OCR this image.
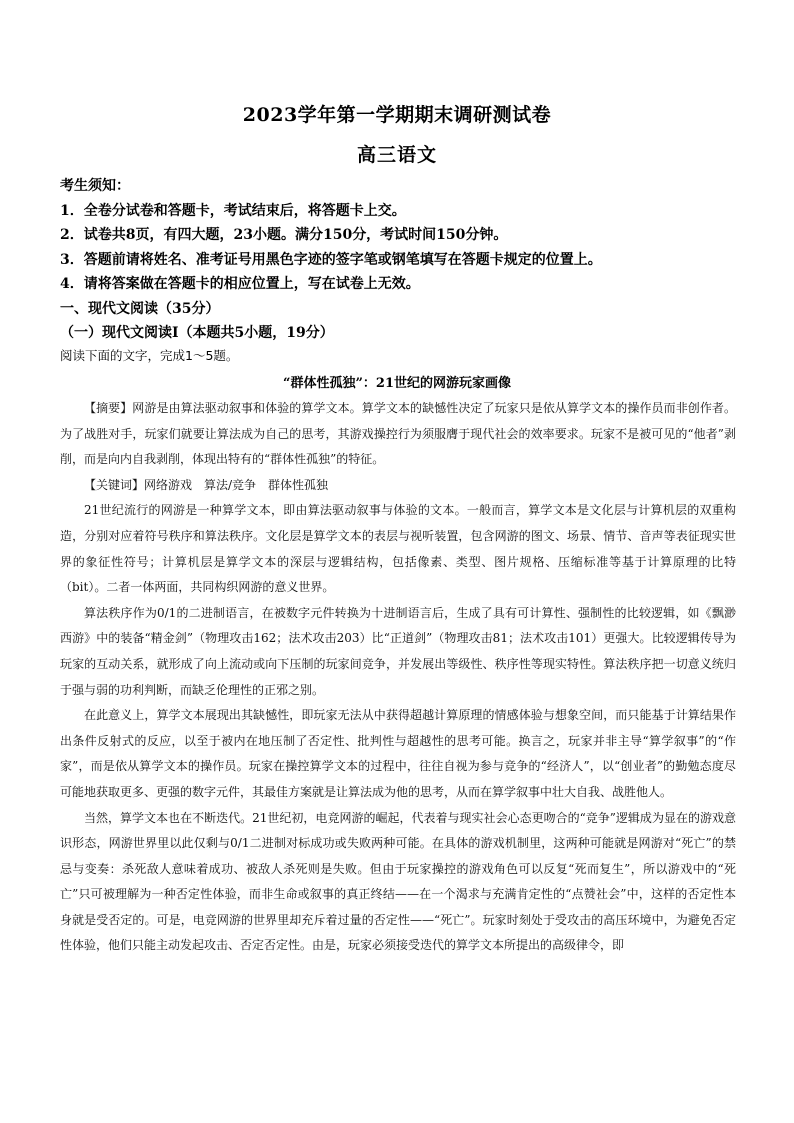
2023学年第一学期期末调研测试卷
高三语文
考生须知：
1．全卷分试卷和答题卡，考试结束后，将答题卡上交。
2．试卷共8页，有四大题，23小题。满分150分，考试时间150分钟。
3．答题前请将姓名、准考证号用黑色字迹的签字笔或钢笔填写在答题卡规定的位置上。
4．请将答案做在答题卡的相应位置上，写在试卷上无效。
一、现代文阅读（35分）
（一）现代文阅读Ⅰ（本题共5小题，19分）
阅读下面的文字，完成1～5题。
“群体性孤独”：21世纪的网游玩家画像

【摘要】网游是由算法驱动叙事和体验的算学文本。算学文本的缺憾性决定了玩家只是依从算学文本的操作员而非创作者。为了战胜对手，玩家们就要让算法成为自己的思考，其游戏操控行为须服膺于现代社会的效率要求。玩家不是被可见的“他者”剥削，而是向内自我剥削，体现出特有的“群体性孤独”的特征。

【关键词】网络游戏　算法/竞争　群体性孤独

21世纪流行的网游是一种算学文本，即由算法驱动叙事与体验的文本。一般而言，算学文本是文化层与计算机层的双重构造，分别对应着符号秩序和算法秩序。文化层是算学文本的表层与视听装置，包含网游的图文、场景、情节、音声等表征现实世界的象征性符号；计算机层是算学文本的深层与逻辑结构，包括像素、类型、图片规格、压缩标准等基于计算原理的比特（bit）。二者一体两面，共同构织网游的意义世界。

算法秩序作为0/1的二进制语言，在被数字元件转换为十进制语言后，生成了具有可计算性、强制性的比较逻辑，如《飘渺西游》中的装备“精金剑”（物理攻击162；法术攻击203）比“正道剑”（物理攻击81；法术攻击101）更强大。比较逻辑传导为玩家的互动关系，就形成了向上流动或向下压制的玩家间竞争，并发展出等级性、秩序性等现实特性。算法秩序把一切意义统归于强与弱的功利判断，而缺乏伦理性的正邪之别。

在此意义上，算学文本展现出其缺憾性，即玩家无法从中获得超越计算原理的情感体验与想象空间，而只能基于计算结果作出条件反射式的反应，以至于被内在地压制了否定性、批判性与超越性的思考可能。换言之，玩家并非主导“算学叙事”的“作家”，而是依从算学文本的操作员。玩家在操控算学文本的过程中，往往自视为参与竞争的“经济人”，以“创业者”的勤勉态度尽可能地获取更多、更强的数字元件，其最佳方案就是让算法成为他的思考，从而在算学叙事中壮大自我、战胜他人。

当然，算学文本也在不断迭代。21世纪初，电竞网游的崛起，代表着与现实社会心态更吻合的“竞争”逻辑成为显在的游戏意识形态，网游世界里以此仅剩与0/1二进制对标成功或失败两种可能。在具体的游戏机制里，这两种可能就是网游对“死亡”的禁忌与变奏：杀死敌人意味着成功、被敌人杀死则是失败。但由于玩家操控的游戏角色可以反复“死而复生”，所以游戏中的“死亡”只可被理解为一种否定性体验，而非生命或叙事的真正终结——在一个渴求与充满肯定性的“点赞社会”中，这样的否定性本身就是受否定的。可是，电竞网游的世界里却充斥着过量的否定性——“死亡”。玩家时刻处于受攻击的高压环境中，为避免否定性体验，他们只能主动发起攻击、否定否定性。由是，玩家必须接受迭代的算学文本所提出的高级律令，即
